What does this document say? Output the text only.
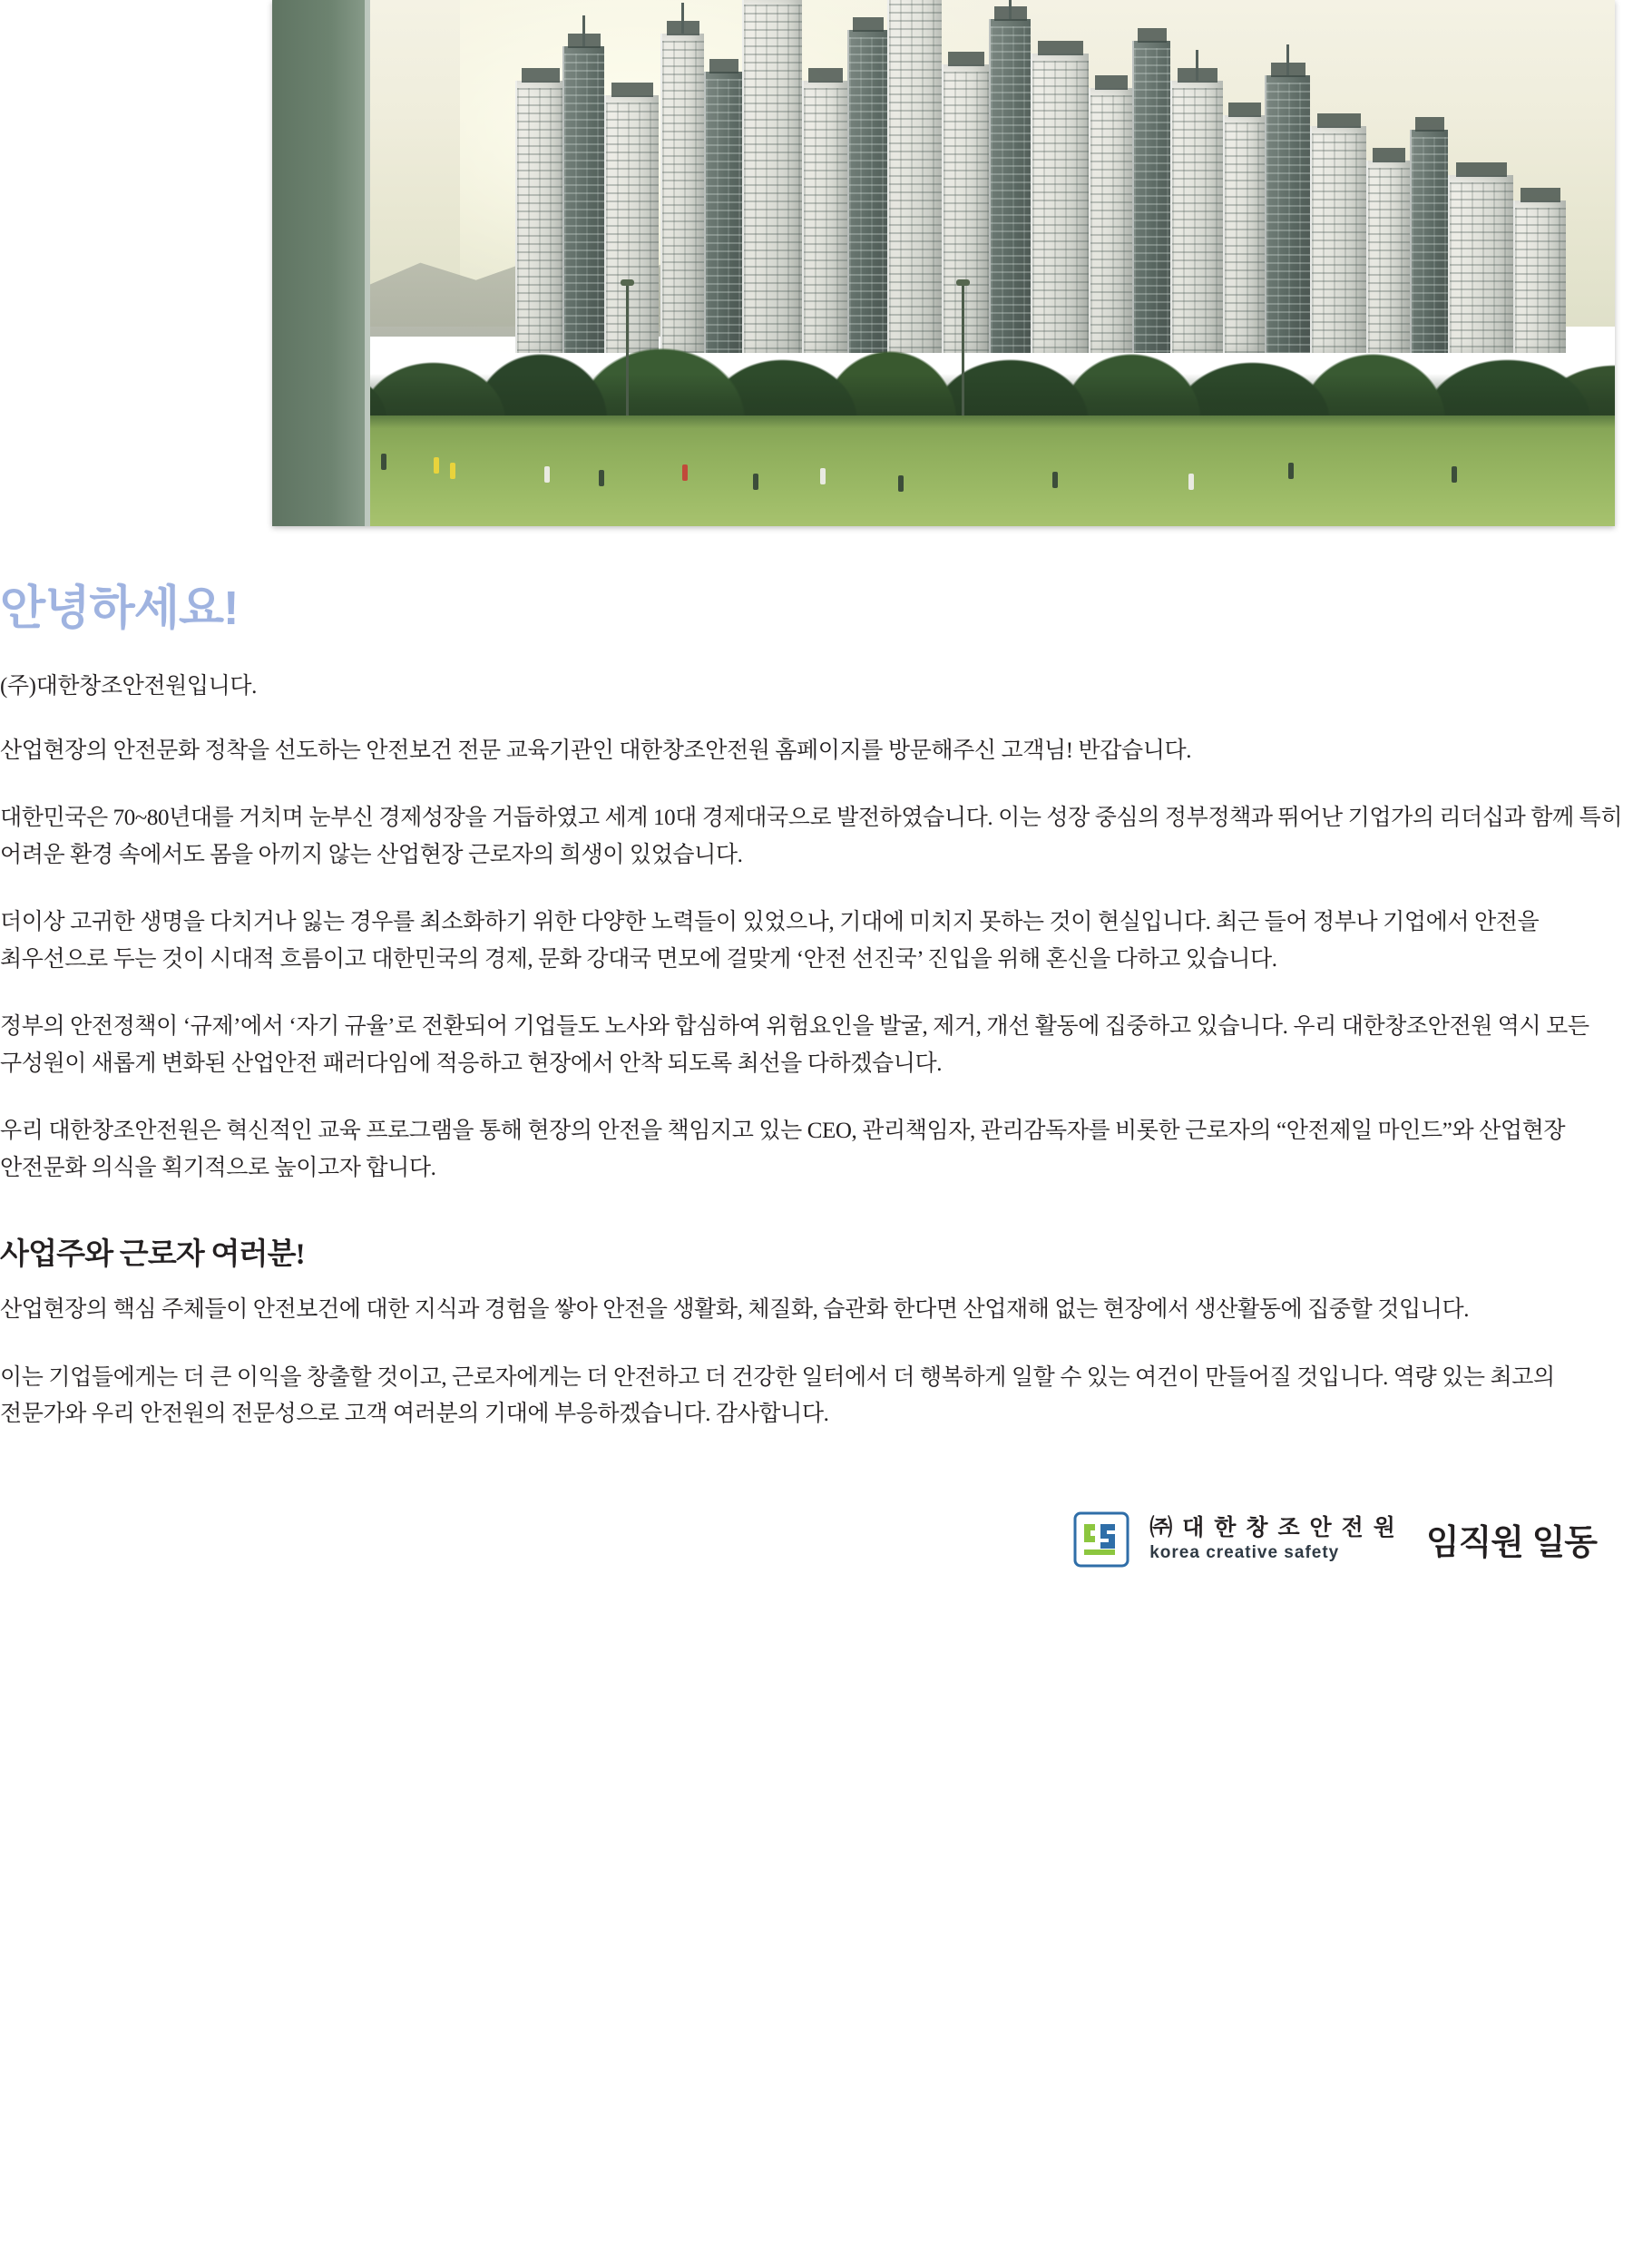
안녕하세요!

(주)대한창조안전원입니다.

산업현장의 안전문화 정착을 선도하는 안전보건 전문 교육기관인 대한창조안전원 홈페이지를 방문해주신 고객님! 반갑습니다.

대한민국은 70~80년대를 거치며 눈부신 경제성장을 거듭하였고 세계 10대 경제대국으로 발전하였습니다. 이는 성장 중심의 정부정책과 뛰어난 기업가의 리더십과 함께 특히 어려운 환경 속에서도 몸을 아끼지 않는 산업현장 근로자의 희생이 있었습니다.

더이상 고귀한 생명을 다치거나 잃는 경우를 최소화하기 위한 다양한 노력들이 있었으나, 기대에 미치지 못하는 것이 현실입니다. 최근 들어 정부나 기업에서 안전을 최우선으로 두는 것이 시대적 흐름이고 대한민국의 경제, 문화 강대국 면모에 걸맞게 ‘안전 선진국’ 진입을 위해 혼신을 다하고 있습니다.

정부의 안전정책이 ‘규제’에서 ‘자기 규율’로 전환되어 기업들도 노사와 합심하여 위험요인을 발굴, 제거, 개선 활동에 집중하고 있습니다. 우리 대한창조안전원 역시 모든 구성원이 새롭게 변화된 산업안전 패러다임에 적응하고 현장에서 안착 되도록 최선을 다하겠습니다.

우리 대한창조안전원은 혁신적인 교육 프로그램을 통해 현장의 안전을 책임지고 있는 CEO, 관리책임자, 관리감독자를 비롯한 근로자의 “안전제일 마인드”와 산업현장 안전문화 의식을 획기적으로 높이고자 합니다.

사업주와 근로자 여러분!

산업현장의 핵심 주체들이 안전보건에 대한 지식과 경험을 쌓아 안전을 생활화, 체질화, 습관화 한다면 산업재해 없는 현장에서 생산활동에 집중할 것입니다.

이는 기업들에게는 더 큰 이익을 창출할 것이고, 근로자에게는 더 안전하고 더 건강한 일터에서 더 행복하게 일할 수 있는 여건이 만들어질 것입니다. 역량 있는 최고의 전문가와 우리 안전원의 전문성으로 고객 여러분의 기대에 부응하겠습니다. 감사합니다.

㈜ 대 한 창 조 안 전 원
korea creative safety	임직원 일동
